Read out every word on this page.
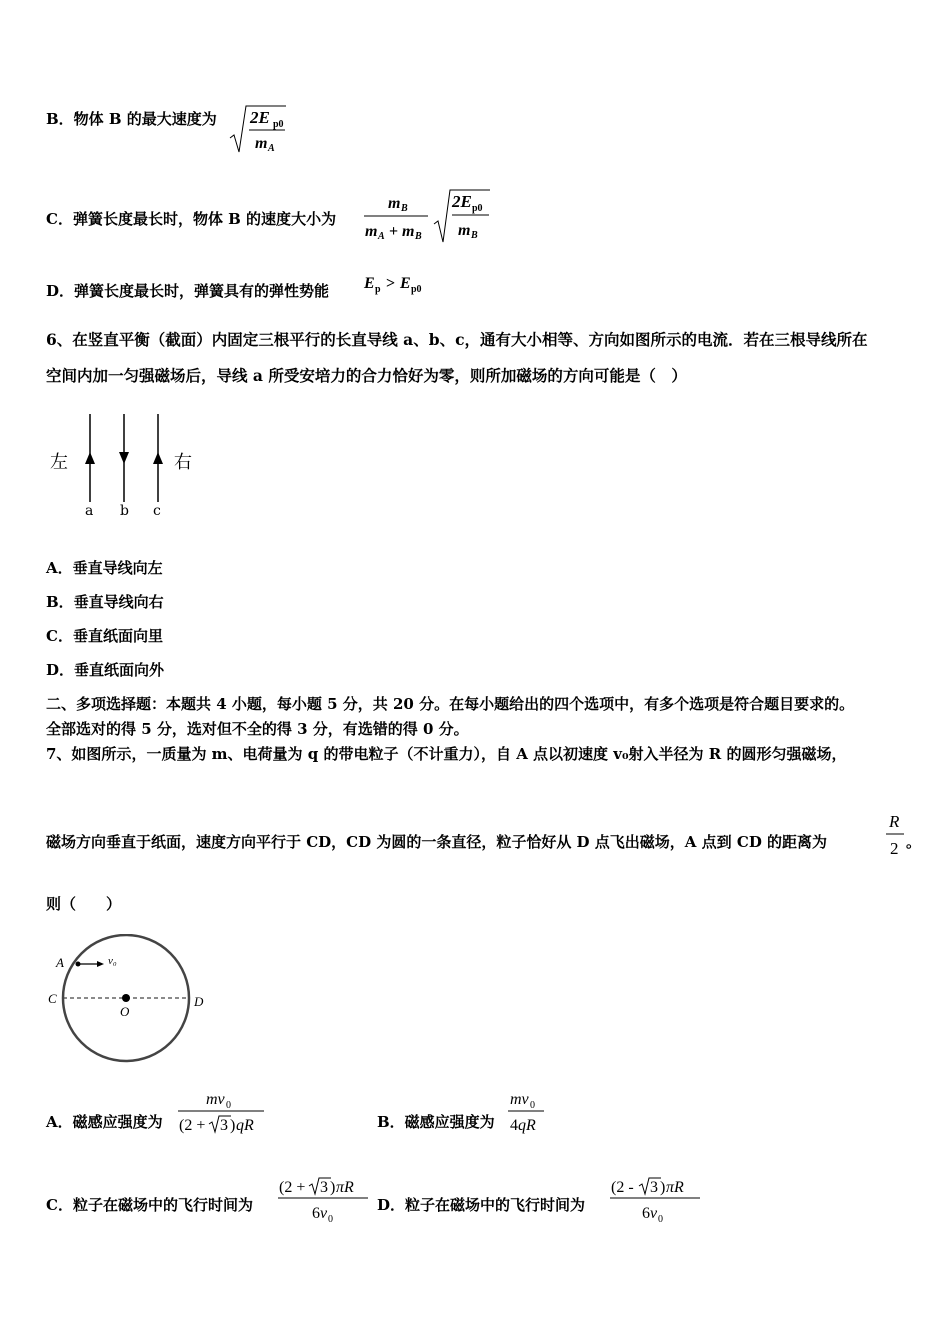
B．物体 B 的最大速度为 2E p0
m A
C．弹簧长度最长时，物体 B 的速度大小为
m B
m A + m B
2E p0
m B
D．弹簧长度最长时，弹簧具有的弹性势能 E p > E p0
6、在竖直平衡（截面）内固定三根平行的长直导线 a、b、c，通有大小相等、方向如图所示的电流．若在三根导线所在
空间内加一匀强磁场后，导线 a 所受安培力的合力恰好为零，则所加磁场的方向可能是（　）
左	右
a b c
A．垂直导线向左
B．垂直导线向右
C．垂直纸面向里
D．垂直纸面向外
二、多项选择题：本题共 4 小题，每小题 5 分，共 20 分。在每小题给出的四个选项中，有多个选项是符合题目要求的。
全部选对的得 5 分，选对但不全的得 3 分，有选错的得 0 分。
7、如图所示，一质量为 m、电荷量为 q 的带电粒子（不计重力），自 A 点以初速度 v₀射入半径为 R 的圆形匀强磁场，
磁场方向垂直于纸面，速度方向平行于 CD，CD 为圆的一条直径，粒子恰好从 D 点飞出磁场，A 点到 CD 的距离为
R
2 。
则（　　）
A	v₀
C	D
O
A．磁感应强度为
mv 0
(2 + 3 ) qR	B．磁感应强度为
mv 0
4qR
C．粒子在磁场中的飞行时间为
(2 + 3 ) πR
6v 0
D．粒子在磁场中的飞行时间为
(2 - 3 ) πR
6v 0
